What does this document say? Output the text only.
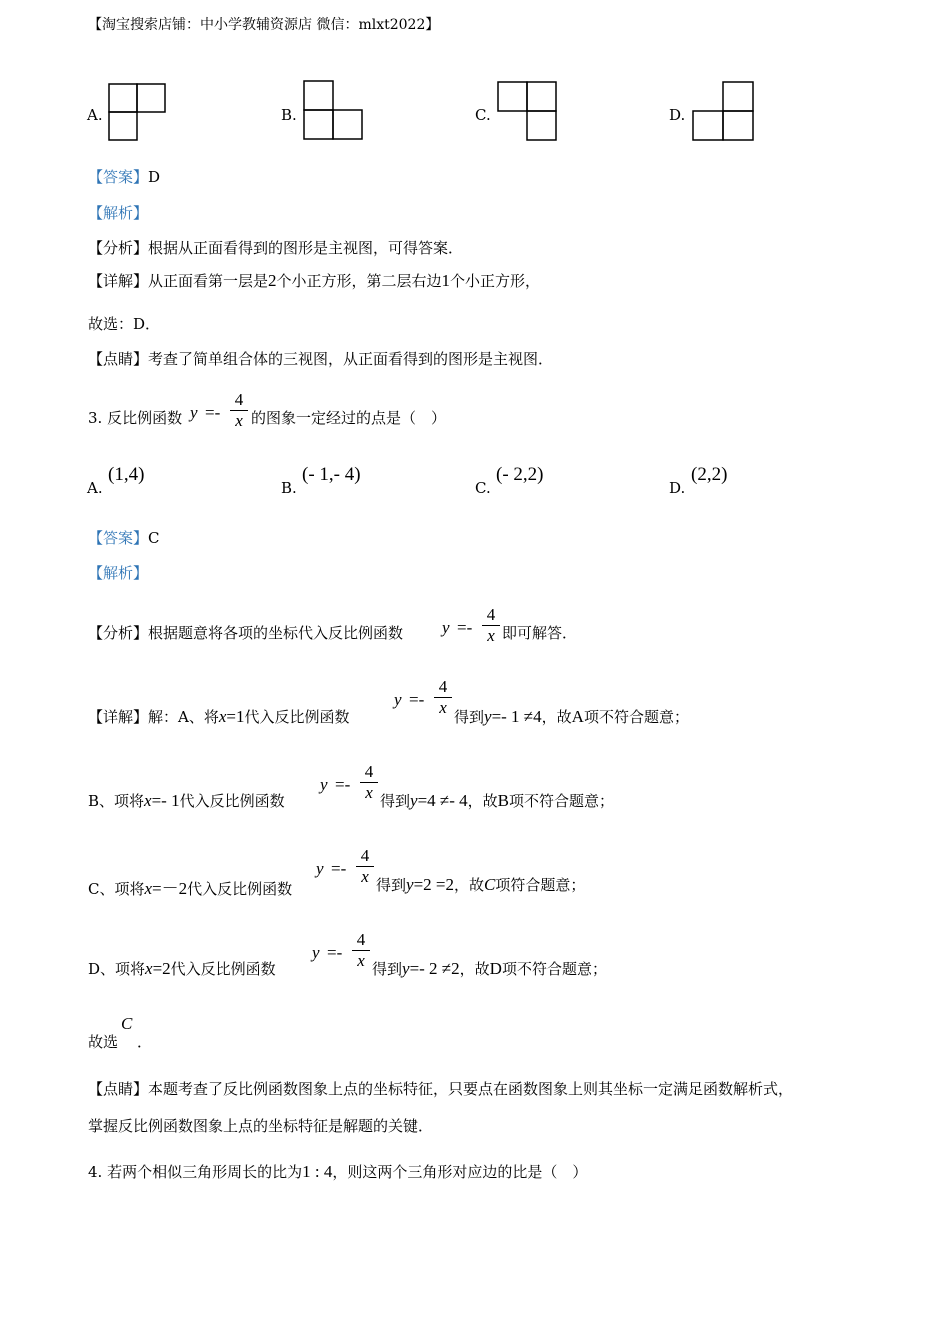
【淘宝搜索店铺：中小学教辅资源店 微信：mlxt2022】
A.	B.	C.	D.
【答案】D
【解析】
【分析】根据从正面看得到的图形是主视图，可得答案．
【详解】从正面看第一层是2个小正方形，第二层右边1个小正方形，
故选：D．
【点睛】考查了简单组合体的三视图，从正面看得到的图形是主视图．
3. 反比例函数 y =-
4
x 的图象一定经过的点是（　）
A.
(1,4)
B.
(- 1,- 4)
C.
(- 2,2)
D.
(2,2)
【答案】C
【解析】
【分析】根据题意将各项的坐标代入反比例函数 y =-
4
x 即可解答．
【详解】解：A、将x=1代入反比例函数
y =-
4
x 得到y=- 1 ≠4，故A项不符合题意；
B、项将x=- 1代入反比例函数
y =-
4
x 得到y=4 ≠- 4，故B项不符合题意；
C、项将x=－2代入反比例函数
y =-
4
x 得到y=2 =2，故C项符合题意；
D、项将x=2代入反比例函数
y =-
4
x 得到y=- 2 ≠2，故D项不符合题意；
故选
C
．
【点睛】本题考查了反比例函数图象上点的坐标特征，只要点在函数图象上则其坐标一定满足函数解析式，
掌握反比例函数图象上点的坐标特征是解题的关键．
4. 若两个相似三角形周长的比为1 : 4，则这两个三角形对应边的比是（　）
